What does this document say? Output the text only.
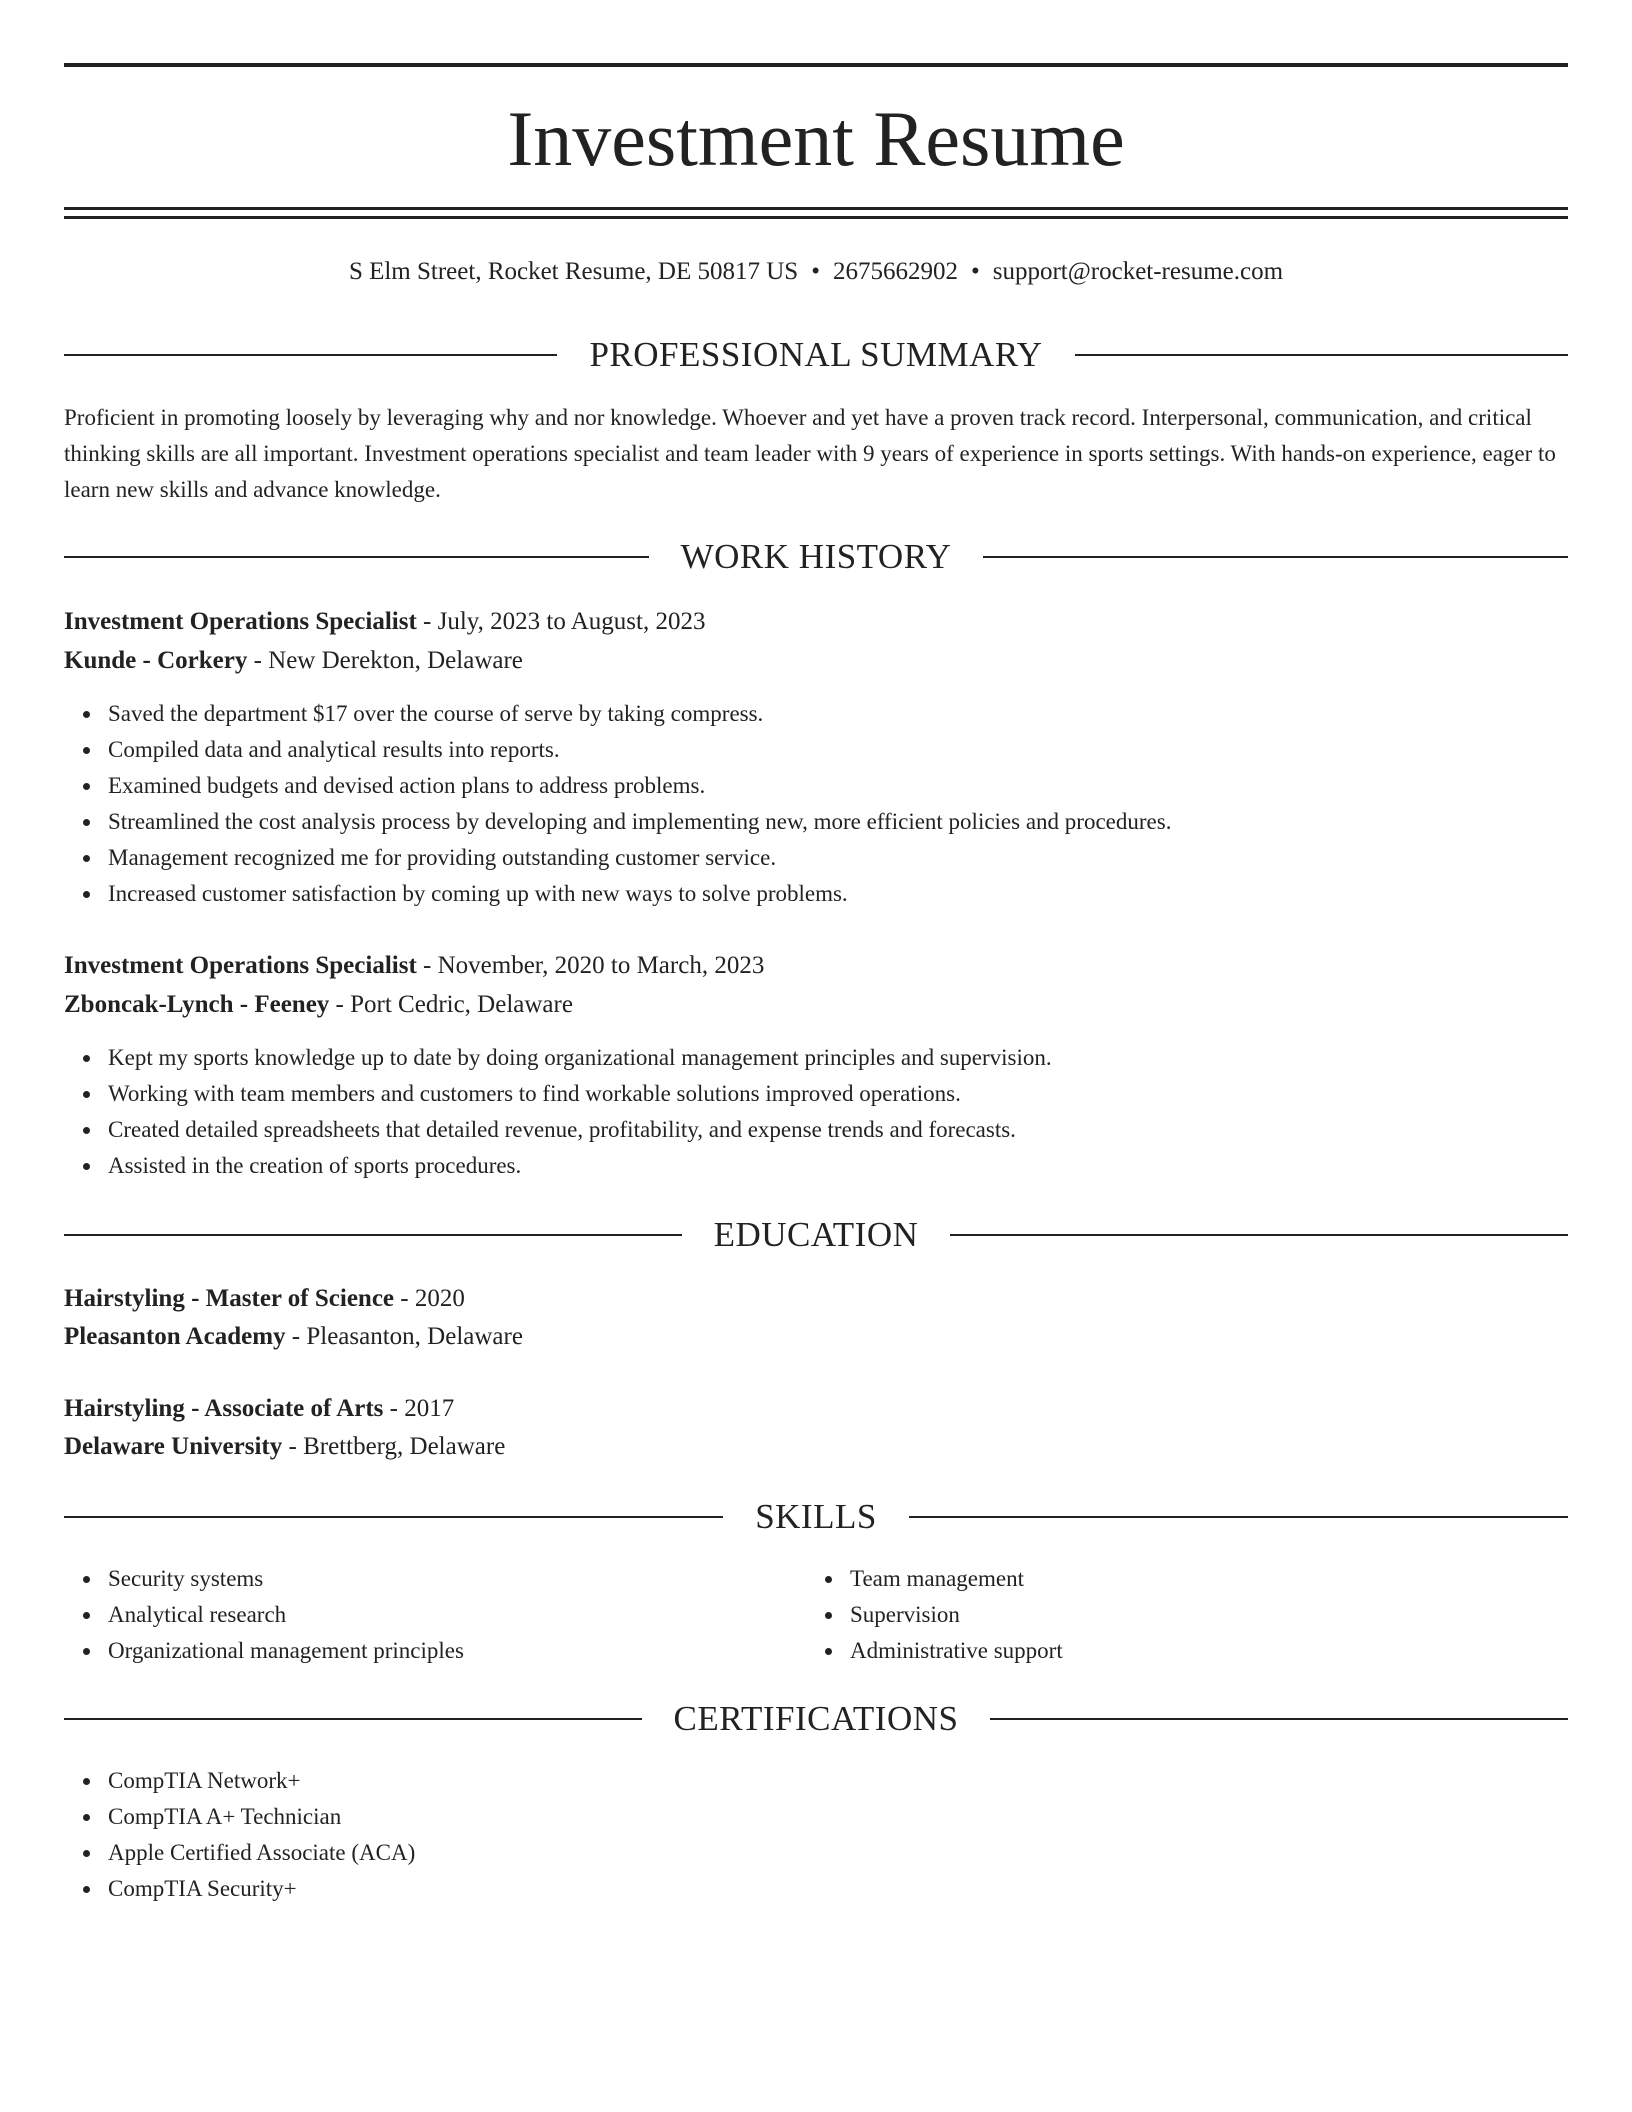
Investment Resume
S Elm Street, Rocket Resume, DE 50817 US • 2675662902 • support@rocket-resume.com
PROFESSIONAL SUMMARY
Proficient in promoting loosely by leveraging why and nor knowledge. Whoever and yet have a proven track record. Interpersonal, communication, and critical thinking skills are all important. Investment operations specialist and team leader with 9 years of experience in sports settings. With hands-on experience, eager to learn new skills and advance knowledge.
WORK HISTORY
Investment Operations Specialist - July, 2023 to August, 2023
Kunde - Corkery - New Derekton, Delaware
Saved the department $17 over the course of serve by taking compress.
Compiled data and analytical results into reports.
Examined budgets and devised action plans to address problems.
Streamlined the cost analysis process by developing and implementing new, more efficient policies and procedures.
Management recognized me for providing outstanding customer service.
Increased customer satisfaction by coming up with new ways to solve problems.
Investment Operations Specialist - November, 2020 to March, 2023
Zboncak-Lynch - Feeney - Port Cedric, Delaware
Kept my sports knowledge up to date by doing organizational management principles and supervision.
Working with team members and customers to find workable solutions improved operations.
Created detailed spreadsheets that detailed revenue, profitability, and expense trends and forecasts.
Assisted in the creation of sports procedures.
EDUCATION
Hairstyling - Master of Science - 2020
Pleasanton Academy - Pleasanton, Delaware
Hairstyling - Associate of Arts - 2017
Delaware University - Brettberg, Delaware
SKILLS
Security systems
Analytical research
Organizational management principles
Team management
Supervision
Administrative support
CERTIFICATIONS
CompTIA Network+
CompTIA A+ Technician
Apple Certified Associate (ACA)
CompTIA Security+
